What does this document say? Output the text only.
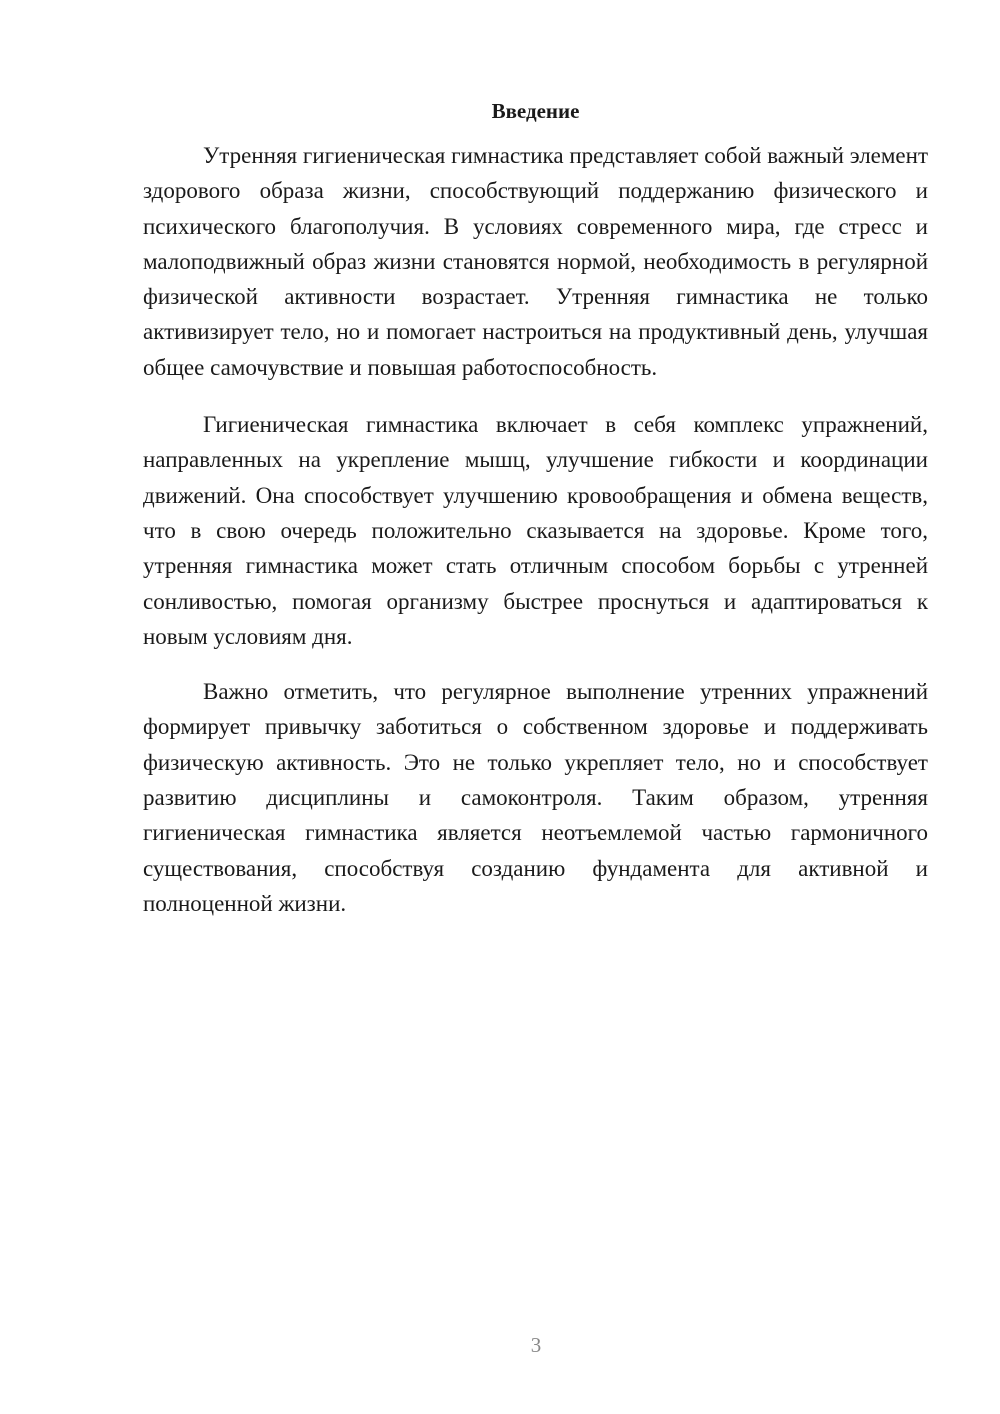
Введение

Утренняя гигиеническая гимнастика представляет собой важный элемент здорового образа жизни, способствующий поддержанию физического и психического благополучия. В условиях современного мира, где стресс и малоподвижный образ жизни становятся нормой, необходимость в регулярной физической активности возрастает. Утренняя гимнастика не только активизирует тело, но и помогает настроиться на продуктивный день, улучшая общее самочувствие и повышая работоспособность.

Гигиеническая гимнастика включает в себя комплекс упражнений, направленных на укрепление мышц, улучшение гибкости и координации движений. Она способствует улучшению кровообращения и обмена веществ, что в свою очередь положительно сказывается на здоровье. Кроме того, утренняя гимнастика может стать отличным способом борьбы с утренней сонливостью, помогая организму быстрее проснуться и адаптироваться к новым условиям дня.

Важно отметить, что регулярное выполнение утренних упражнений формирует привычку заботиться о собственном здоровье и поддерживать физическую активность. Это не только укрепляет тело, но и способствует развитию дисциплины и самоконтроля. Таким образом, утренняя гигиеническая гимнастика является неотъемлемой частью гармоничного существования, способствуя созданию фундамента для активной и полноценной жизни.

3
